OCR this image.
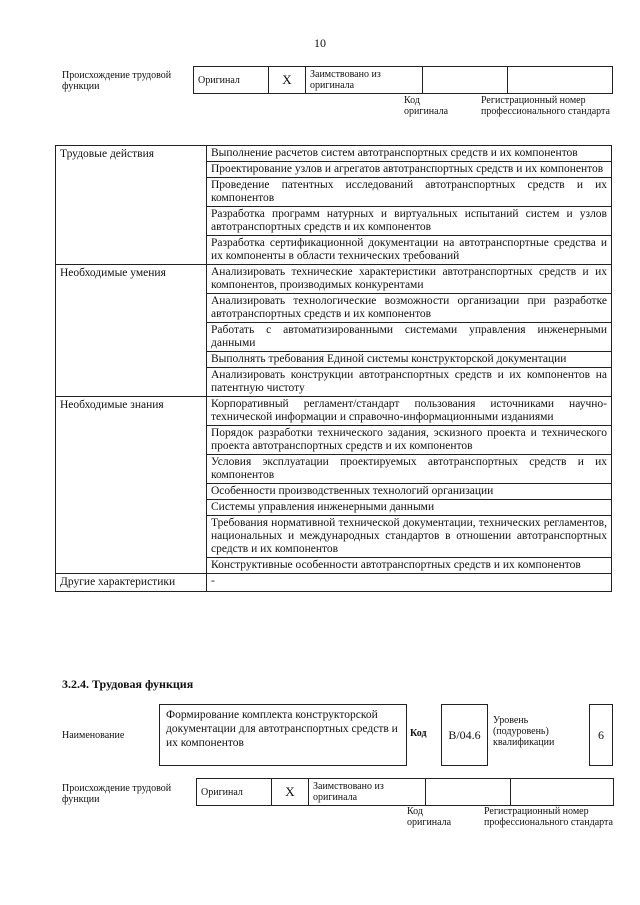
10
Происхождение трудовой функции
Оригинал	X	Заимствовано из оригинала		
Код оригинала
Регистрационный номер профессионального стандарта
Трудовые действия	Выполнение расчетов систем автотранспортных средств и их компонентов
	Проектирование узлов и агрегатов автотранспортных средств и их компонентов
	Проведение патентных исследований автотранспортных средств и их компонентов
	Разработка программ натурных и виртуальных испытаний систем и узлов автотранспортных средств и их компонентов
	Разработка сертификационной документации на автотранспортные средства и их компоненты в области технических требований
Необходимые умения	Анализировать технические характеристики автотранспортных средств и их компонентов, производимых конкурентами
	Анализировать технологические возможности организации при разработке автотранспортных средств и их компонентов
	Работать с автоматизированными системами управления инженерными данными
	Выполнять требования Единой системы конструкторской документации
	Анализировать конструкции автотранспортных средств и их компонентов на патентную чистоту
Необходимые знания	Корпоративный регламент/стандарт пользования источниками научно-технической информации и справочно-информационными изданиями
	Порядок разработки технического задания, эскизного проекта и технического проекта автотранспортных средств и их компонентов
	Условия эксплуатации проектируемых автотранспортных средств и их компонентов
	Особенности производственных технологий организации
	Системы управления инженерными данными
	Требования нормативной технической документации, технических регламентов, национальных и международных стандартов в отношении автотранспортных средств и их компонентов
	Конструктивные особенности автотранспортных средств и их компонентов
Другие характеристики	-
3.2.4. Трудовая функция
Наименование
Формирование комплекта конструкторской документации для автотранспортных средств и их компонентов
Код	B/04.6
Уровень (подуровень) квалификации
6
Происхождение трудовой функции
Оригинал	X	Заимствовано из оригинала		
Код оригинала
Регистрационный номер профессионального стандарта
